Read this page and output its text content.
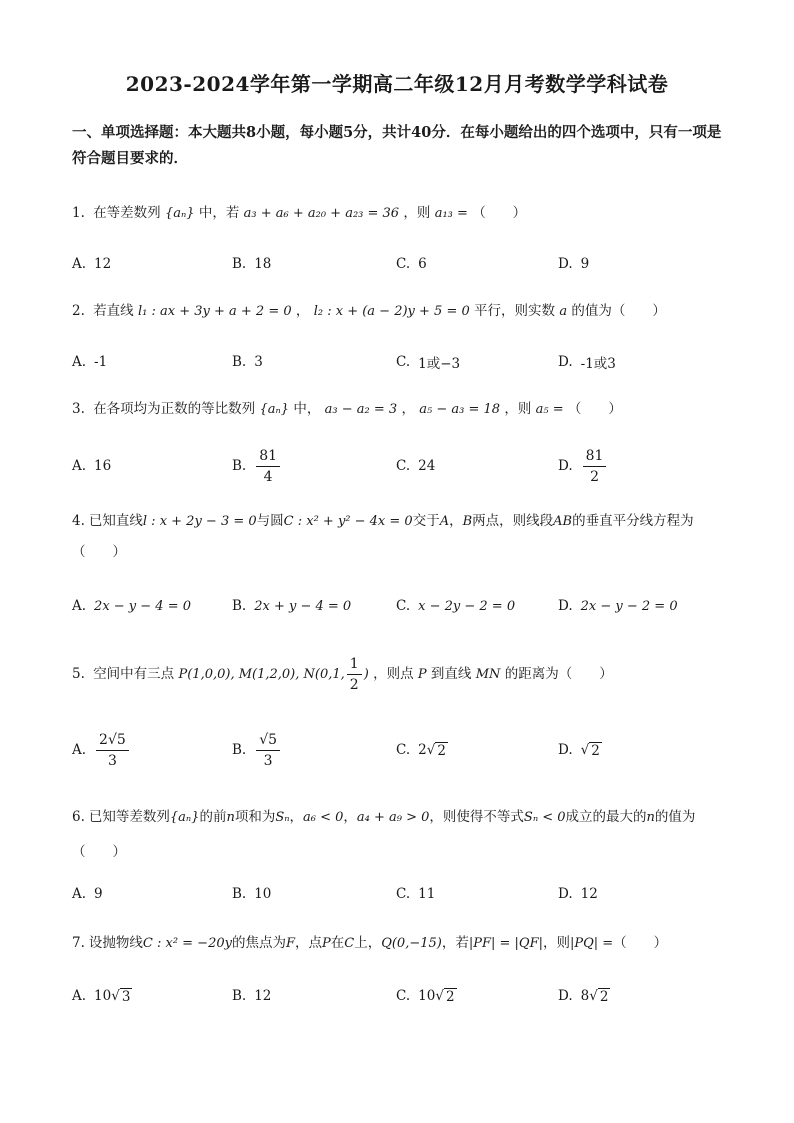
2023-2024学年第一学期高二年级12月月考数学学科试卷
一、单项选择题：本大题共8小题，每小题5分，共计40分．在每小题给出的四个选项中，只有一项是符合题目要求的．
1. 在等差数列 {aₙ} 中，若 a₃ + a₆ + a₂₀ + a₂₃ = 36 ，则 a₁₃ = （　　）
A. 12	B. 18	C. 6	D. 9
2. 若直线 l₁ : ax + 3y + a + 2 = 0 ， l₂ : x + (a − 2)y + 5 = 0 平行，则实数 a 的值为（　　）
A. -1	B. 3	C. 1或−3	D. -1或3
3. 在各项均为正数的等比数列 {aₙ} 中， a₃ − a₂ = 3 ， a₅ − a₃ = 18 ，则 a₅ = （　　）
A. 16	B. $\frac{81}{4}$	C. 24	D. $\frac{81}{2}$
4. 已知直线l : x + 2y − 3 = 0与圆C : x² + y² − 4x = 0交于A，B两点，则线段AB的垂直平分线方程为
（　　）
A. 2x − y − 4 = 0	B. 2x + y − 4 = 0	C. x − 2y − 2 = 0	D. 2x − y − 2 = 0
5. 空间中有三点 P(1,0,0), M(1,2,0), N(0,1, $\frac{1}{2}$ ) ，则点 P 到直线 MN 的距离为（　　）
A. $\frac{2√5}{3}$	B. $\frac{√5}{3}$	C. 2 √ 2	D. √ 2
6. 已知等差数列{aₙ}的前n项和为Sₙ，a₆ < 0，a₄ + a₉ > 0，则使得不等式Sₙ < 0成立的最大的n的值为（　　）
A. 9	B. 10	C. 11	D. 12
7. 设抛物线C : x² = −20y的焦点为F，点P在C上，Q(0,−15)，若|PF| = |QF|，则|PQ| =（　　）
A. 10 √ 3	B. 12	C. 10 √ 2	D. 8 √ 2
